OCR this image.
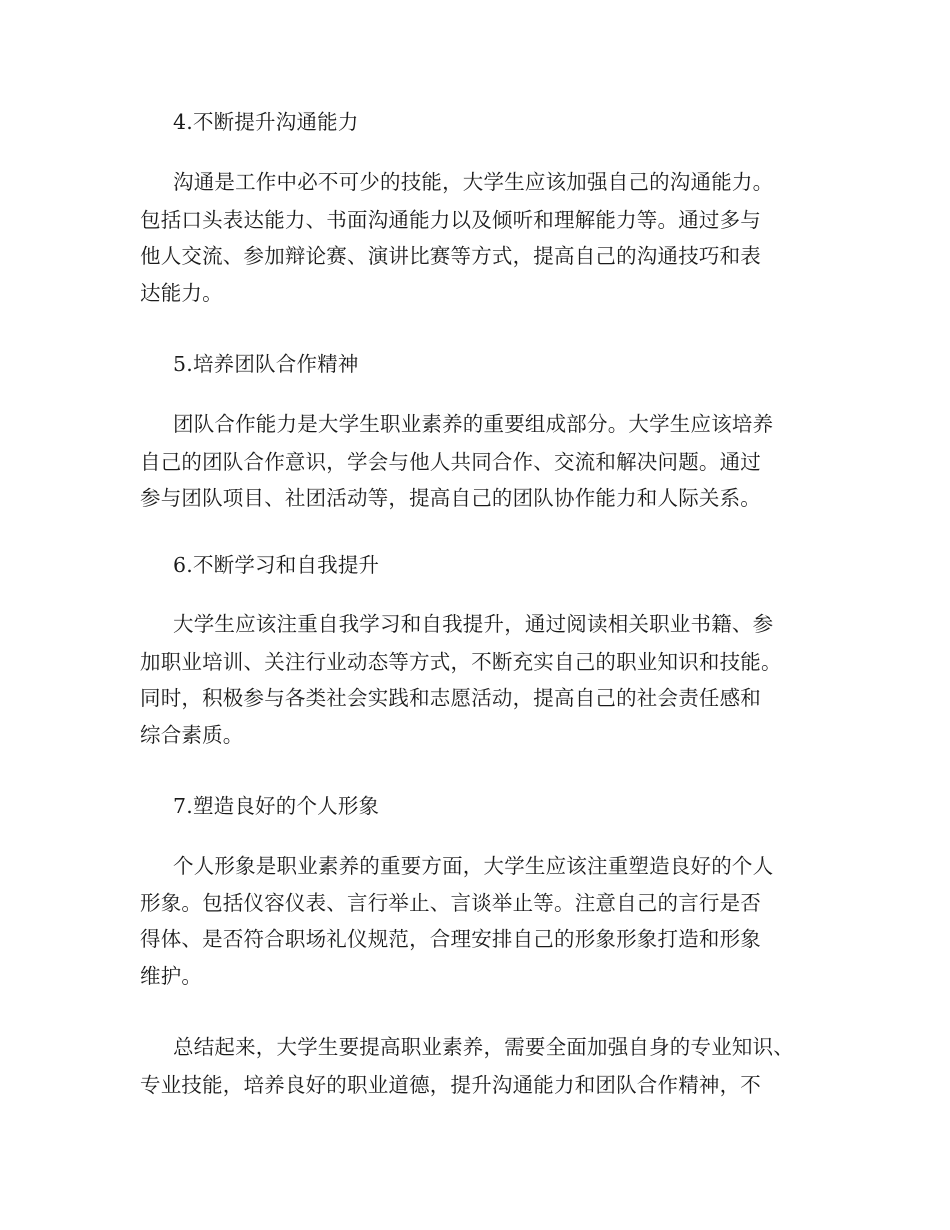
4.不断提升沟通能力
沟通是工作中必不可少的技能，大学生应该加强自己的沟通能力。
包括口头表达能力、书面沟通能力以及倾听和理解能力等。通过多与
他人交流、参加辩论赛、演讲比赛等方式，提高自己的沟通技巧和表
达能力。
5.培养团队合作精神
团队合作能力是大学生职业素养的重要组成部分。大学生应该培养
自己的团队合作意识，学会与他人共同合作、交流和解决问题。通过
参与团队项目、社团活动等，提高自己的团队协作能力和人际关系。
6.不断学习和自我提升
大学生应该注重自我学习和自我提升，通过阅读相关职业书籍、参
加职业培训、关注行业动态等方式，不断充实自己的职业知识和技能。
同时，积极参与各类社会实践和志愿活动，提高自己的社会责任感和
综合素质。
7.塑造良好的个人形象
个人形象是职业素养的重要方面，大学生应该注重塑造良好的个人
形象。包括仪容仪表、言行举止、言谈举止等。注意自己的言行是否
得体、是否符合职场礼仪规范，合理安排自己的形象形象打造和形象
维护。
总结起来，大学生要提高职业素养，需要全面加强自身的专业知识、
专业技能，培养良好的职业道德，提升沟通能力和团队合作精神，不
